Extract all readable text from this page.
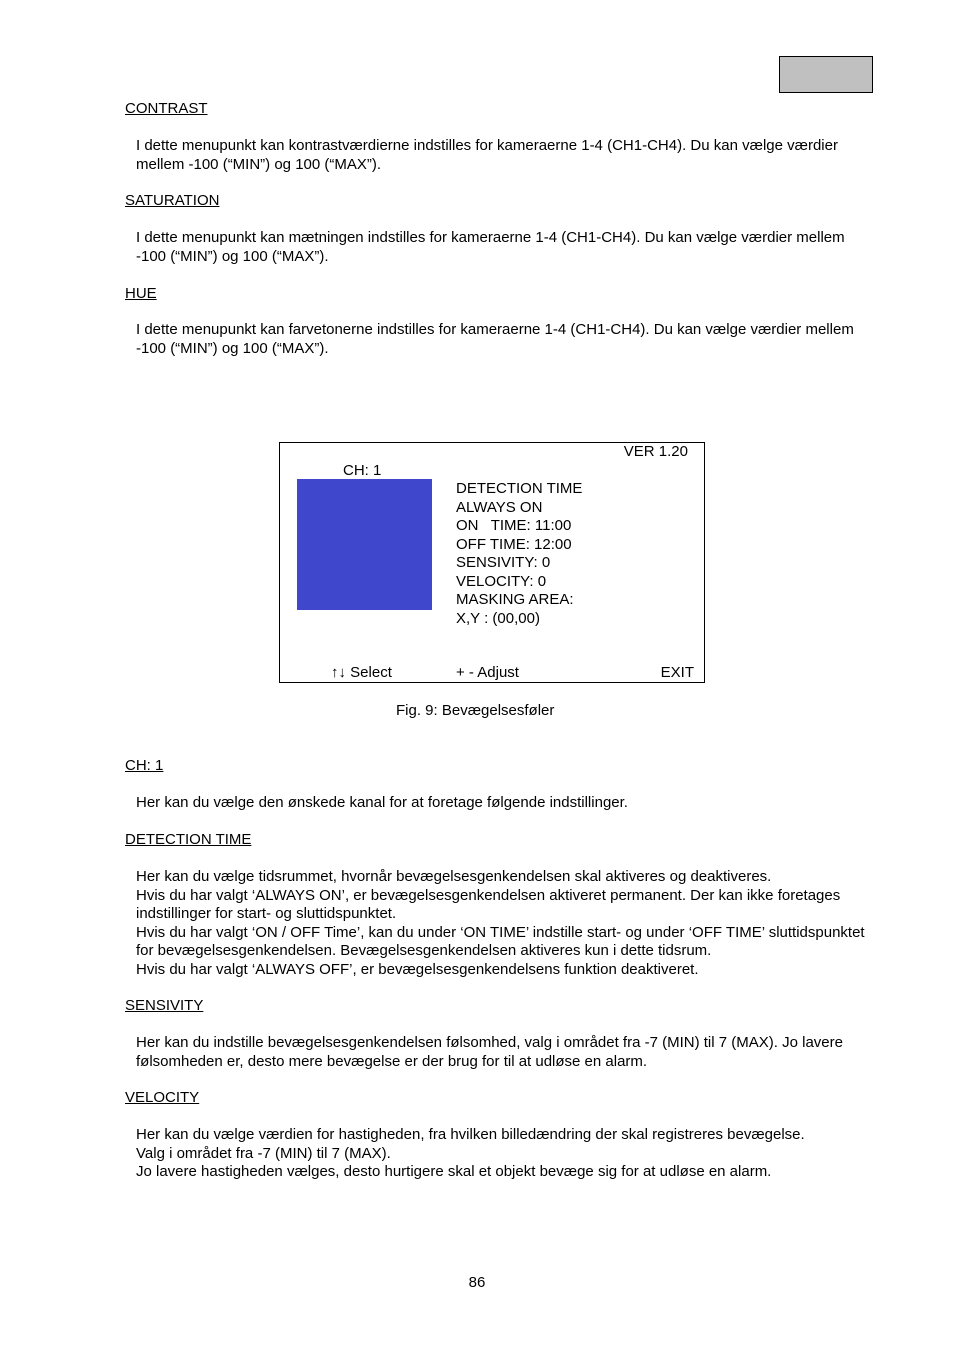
CONTRAST

I dette menupunkt kan kontrastværdierne indstilles for kameraerne 1-4 (CH1-CH4). Du kan vælge værdier mellem -100 (“MIN”) og 100 (“MAX”).

SATURATION

I dette menupunkt kan mætningen indstilles for kameraerne 1-4 (CH1-CH4). Du kan vælge værdier mellem -100 (“MIN”) og 100 (“MAX”).

HUE

I dette menupunkt kan farvetonerne indstilles for kameraerne 1-4 (CH1-CH4). Du kan vælge værdier mellem -100 (“MIN”) og 100 (“MAX”).

VER 1.20
CH: 1
DETECTION TIME
ALWAYS ON
ON   TIME: 11:00
OFF TIME: 12:00
SENSIVITY: 0
VELOCITY: 0
MASKING AREA:
X,Y : (00,00)
↑↓ Select	+ - Adjust	EXIT
Fig. 9: Bevægelsesføler
CH: 1

Her kan du vælge den ønskede kanal for at foretage følgende indstillinger.

DETECTION TIME

Her kan du vælge tidsrummet, hvornår bevægelsesgenkendelsen skal aktiveres og deaktiveres.

Hvis du har valgt ‘ALWAYS ON’, er bevægelsesgenkendelsen aktiveret permanent. Der kan ikke foretages indstillinger for start- og sluttidspunktet.

Hvis du har valgt ‘ON / OFF Time’, kan du under ‘ON TIME’ indstille start- og under ‘OFF TIME’ sluttidspunktet for bevægelsesgenkendelsen. Bevægelsesgenkendelsen aktiveres kun i dette tidsrum.

Hvis du har valgt ‘ALWAYS OFF’, er bevægelsesgenkendelsens funktion deaktiveret.

SENSIVITY

Her kan du indstille bevægelsesgenkendelsen følsomhed, valg i området fra -7 (MIN) til 7 (MAX). Jo lavere følsomheden er, desto mere bevægelse er der brug for til at udløse en alarm.

VELOCITY

Her kan du vælge værdien for hastigheden, fra hvilken billedændring der skal registreres bevægelse.

Valg i området fra -7 (MIN) til 7 (MAX).

Jo lavere hastigheden vælges, desto hurtigere skal et objekt bevæge sig for at udløse en alarm.

86
